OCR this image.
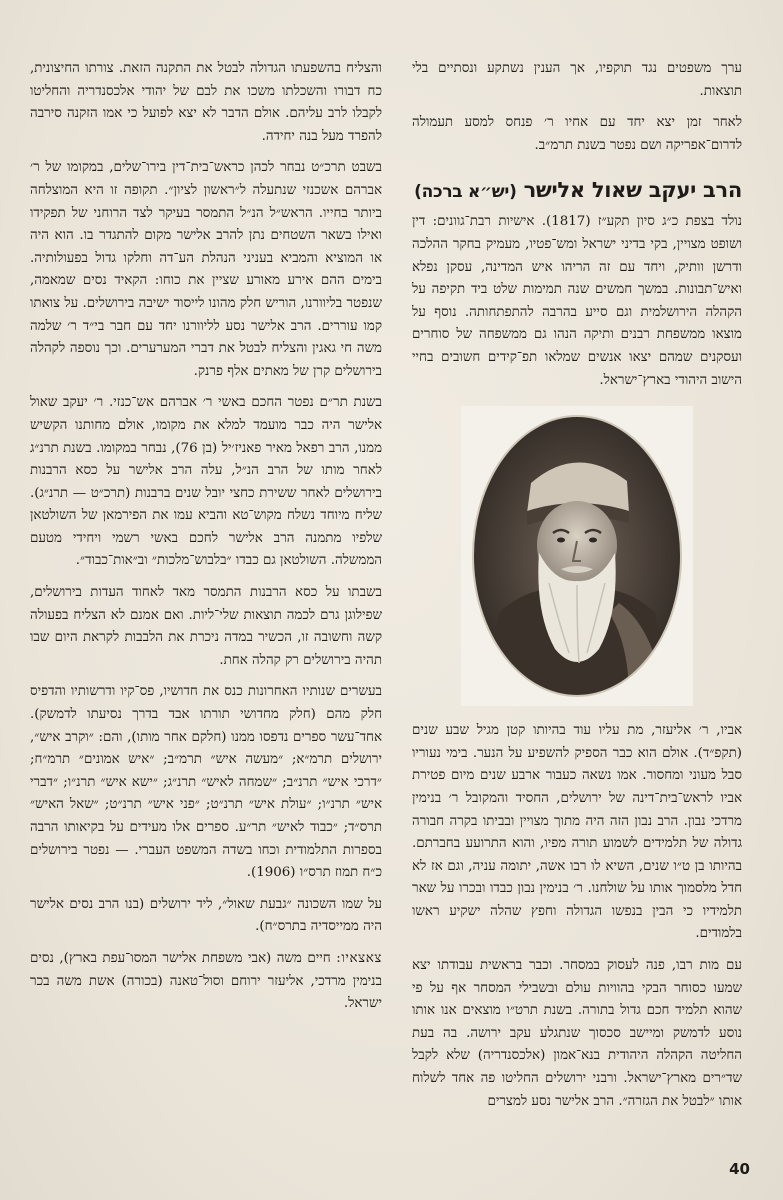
ערך משפטים נגד תוקפיו, אך הענין נשתקע ונסתיים בלי תוצאות.

לאחר זמן יצא יחד עם אחיו ר׳ פנחס למסע תעמולה לדרום־אפריקה ושם נפטר בשנת תרמ״ב.

הרב יעקב שאול אלישר (יש״א ברכה)

נולד בצפת כ״ג סיון תקע״ז (1817). אישיות רבת־גוונים: דין ושופט מצויין, בקי בדיני ישראל ומש־פטיו, מעמיק בחקר ההלכה ודרשן וותיק, ויחד עם זה הריהו איש המדינה, עסקן נפלא ואיש־תבונות. במשך חמשים שנה תמימות שלט ביד תקיפה על הקהלה הירושלמית וגם סייע בהרבה להתפתחותה. נוסף על מוצאו ממשפחת רבנים ותיקה הנהו גם ממשפחה של סוחרים ועסקנים שמהם יצאו אנשים שמלאו תפ־קידים חשובים בחיי הישוב היהודי בארץ־ישראל.

אביו, ר׳ אליעזר, מת עליו עוד בהיותו קטן מגיל שבע שנים (תקפ״ד). אולם הוא כבר הספיק להשפיע על הנער. בימי נעוריו סבל מעוני ומחסור. אמו נשאה כעבור ארבע שנים מיום פטירת אביו לראש־בית־דינה של ירושלים, החסיד והמקובל ר׳ בנימין מרדכי נבון. הרב נבון הזה היה מתוך מצויין ובביתו בקרה חבורה גדולה של תלמידים לשמוע תורה מפיו, והוא התרועע בחברתם. בהיותו בן ט״ו שנים, השיא לו רבו אשה, יתומה עניה, וגם אז לא חדל מלסמוך אותו על שולחנו. ר׳ בנימין נבון כבדו ובכרו על שאר תלמידיו כי הבין בנפשו הגדולה וחפץ שהלה ישקיע ראשו בלמודים.

עם מות רבו, פנה לעסוק במסחר. וכבר בראשית עבודתו יצא שמעו כסוחר הבקי בהוויות עולם ובשבילי המסחר אף על פי שהוא תלמיד חכם גדול בתורה. בשנת תרט״ו מוצאים אנו אותו נוסע לדמשק ומיישב סכסוך שנתגלע עקב ירושה. בה בעת החליטה הקהלה היהודית בנא־אמון (אלכסנדריה) שלא לקבל שד״רים מארץ־ישראל. ורבני ירושלים החליטו פה אחד לשלוח אותו ״לבטל את הגזרה״. הרב אלישר נסע למצרים

והצליח בהשפעתו הגדולה לבטל את התקנה הזאת. צורתו החיצונית, כח דבורו והשכלתו משכו את לבם של יהודי אלכסנדריה והחליטו לקבלו לרב עליהם. אולם הדבר לא יצא לפועל כי אמו הזקנה סירבה להפרד מעל בנה יחידה.

בשבט תרכ״ט נבחר לכהן כראש־בית־דין בירו־שלים, במקומו של ר׳ אברהם אשכנזי שנתעלה ל״ראשון לציון״. תקופה זו היא המוצלחה ביותר בחייו. הראש״ל הנ״ל התמסר בעיקר לצד הרוחני של תפקידו ואילו בשאר השטחים נתן להרב אלישר מקום להתגדר בו. הוא היה או המוציא והמביא בעניני הנהלת הע־דה וחלקו גדול בפעולותיה. בימים ההם אירע מאורע שציין את כוחו: הקאיד נסים שמאמה, שנפטר בליוורנו, הוריש חלק מהונו לייסוד ישיבה בירושלים. על צואתו קמו עוררים. הרב אלישר נסע לליוורנו יחד עם חבר בי״ד ר׳ שלמה משה חי גאגין והצליח לבטל את דברי המערערים. וכך נוספה לקהלה בירושלים קרן של מאתים אלף פרנק.

בשנת תר״ם נפטר החכם באשי ר׳ אברהם אש־כנזי. ר׳ יעקב שאול אלישר היה כבר מועמד למלא את מקומו, אולם מחותנו הקשיש ממנו, הרב רפאל מאיר פאניז׳יל (בן 76), נבחר במקומו. בשנת תרנ״ג לאחר מותו של הרב הנ״ל, עלה הרב אלישר על כסא הרבנות בירושלים לאחר ששירת כחצי יובל שנים ברבנות (תרכ״ט — תרנ״ג). שליח מיוחד נשלח מקוש־טא והביא עמו את הפירמאן של השולטאן שלפיו מתמנה הרב אלישר לחכם באשי רשמי ויחידי מטעם הממשלה. השולטאן גם כבדו ״בלבוש־מלכות״ וב״אות־כבוד״.

בשבתו על כסא הרבנות התמסר מאד לאחוד העדות בירושלים, שפילוגן גרם לכמה תוצאות שלי־ליות. ואם אמנם לא הצליח בפעולה קשה וחשובה זו, הכשיר במדה ניכרת את הלבבות לקראת היום שבו תהיה בירושלים רק קהלה אחת.

בעשרים שנותיו האחרונות כנס את חדושיו, פס־קיו ודרשותיו והדפיס חלק מהם (חלק מחדושי תורתו אבד בדרך נסיעתו לדמשק). אחד־עשר ספרים נדפסו ממנו (חלקם אחר מותו), והם: ״וקרב איש״, ירושלים תרמ״א; ״מעשה איש״ תרמ״ב; ״איש אמונים״ תרמ״ח; ״דרכי איש״ תרנ״ב; ״שמחה לאיש״ תרנ״ג; ״ישא איש״ תרנ״ו; ״דברי איש״ תרנ״ו; ״עולת איש״ תרנ״ט; ״פני איש״ תרנ״ט; ״שאל האיש״ תרס״ד; ״כבוד לאיש״ תר״ע. ספרים אלו מעידים על בקיאותו הרבה בספרות התלמודית וכחו בשדה המשפט העברי. — נפטר בירושלים כ״ח תמוז תרס״ו (1906).

על שמו השכונה ״גבעת שאול״, ליד ירושלים (בנו הרב נסים אלישר היה ממייסדיה בתרס״ח).

צאצאיו: חיים משה (אבי משפחת אלישר המסו־עפת בארץ), נסים בנימין מרדכי, אליעזר ירוחם וסול־טאנה (בכורה) אשת משה בכר ישראל.

40
